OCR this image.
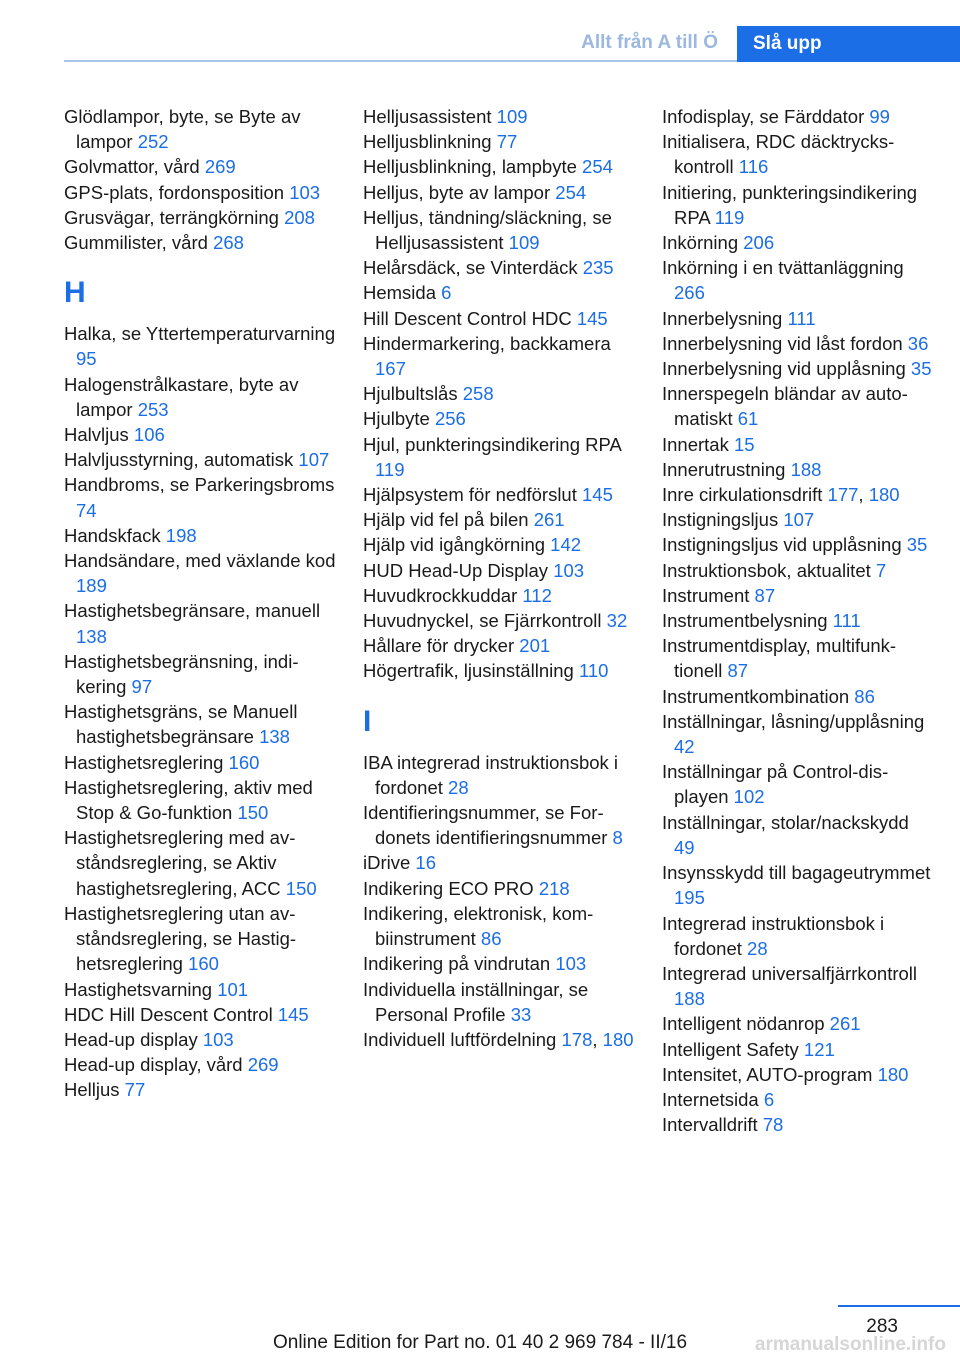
Allt från A till Ö	Slå upp
Glödlampor, byte, se Byte av lampor 252
Golvmattor, vård 269
GPS-plats, fordonsposition 103
Grusvägar, terrängkörning 208
Gummilister, vård 268
H
Halka, se Yttertemperaturvarning 95
Halogenstrålkastare, byte av lampor 253
Halvljus 106
Halvljusstyrning, automatisk 107
Handbroms, se Parkeringsbroms 74
Handskfack 198
Handsändare, med växlande kod 189
Hastighetsbegränsare, manuell 138
Hastighetsbegränsning, indikering 97
Hastighetsgräns, se Manuell hastighetsbegränsare 138
Hastighetsreglering 160
Hastighetsreglering, aktiv med Stop & Go-funktion 150
Hastighetsreglering med avståndsreglering, se Aktiv hastighetsreglering, ACC 150
Hastighetsreglering utan avståndsreglering, se Hastighetsreglering 160
Hastighetsvarning 101
HDC Hill Descent Control 145
Head-up display 103
Head-up display, vård 269
Helljus 77
Helljusassistent 109
Helljusblinkning 77
Helljusblinkning, lampbyte 254
Helljus, byte av lampor 254
Helljus, tändning/släckning, se Helljusassistent 109
Helårsdäck, se Vinterdäck 235
Hemsida 6
Hill Descent Control HDC 145
Hindermarkering, backkamera 167
Hjulbultslås 258
Hjulbyte 256
Hjul, punkteringsindikering RPA 119
Hjälpsystem för nedförslut 145
Hjälp vid fel på bilen 261
Hjälp vid igångkörning 142
HUD Head-Up Display 103
Huvudkrockkuddar 112
Huvudnyckel, se Fjärrkontroll 32
Hållare för drycker 201
Högertrafik, ljusinställning 110
I
IBA integrerad instruktionsbok i fordonet 28
Identifieringsnummer, se Fordonets identifieringsnummer 8
iDrive 16
Indikering ECO PRO 218
Indikering, elektronisk, kombiinstrument 86
Indikering på vindrutan 103
Individuella inställningar, se Personal Profile 33
Individuell luftfördelning 178, 180
Infodisplay, se Färddator 99
Initialisera, RDC däcktryckskontroll 116
Initiering, punkteringsindikering RPA 119
Inkörning 206
Inkörning i en tvättanläggning 266
Innerbelysning 111
Innerbelysning vid låst fordon 36
Innerbelysning vid upplåsning 35
Innerspegeln bländar av automatiskt 61
Innertak 15
Innerutrustning 188
Inre cirkulationsdrift 177, 180
Instigningsljus 107
Instigningsljus vid upplåsning 35
Instruktionsbok, aktualitet 7
Instrument 87
Instrumentbelysning 111
Instrumentdisplay, multifunktionell 87
Instrumentkombination 86
Inställningar, låsning/upplåsning 42
Inställningar på Control-displayen 102
Inställningar, stolar/nackskydd 49
Insynsskydd till bagageutrymmet 195
Integrerad instruktionsbok i fordonet 28
Integrerad universalfjärrkontroll 188
Intelligent nödanrop 261
Intelligent Safety 121
Intensitet, AUTO-program 180
Internetsida 6
Intervalldrift 78
283
Online Edition for Part no. 01 40 2 969 784 - II/16	armanualsonline.info
